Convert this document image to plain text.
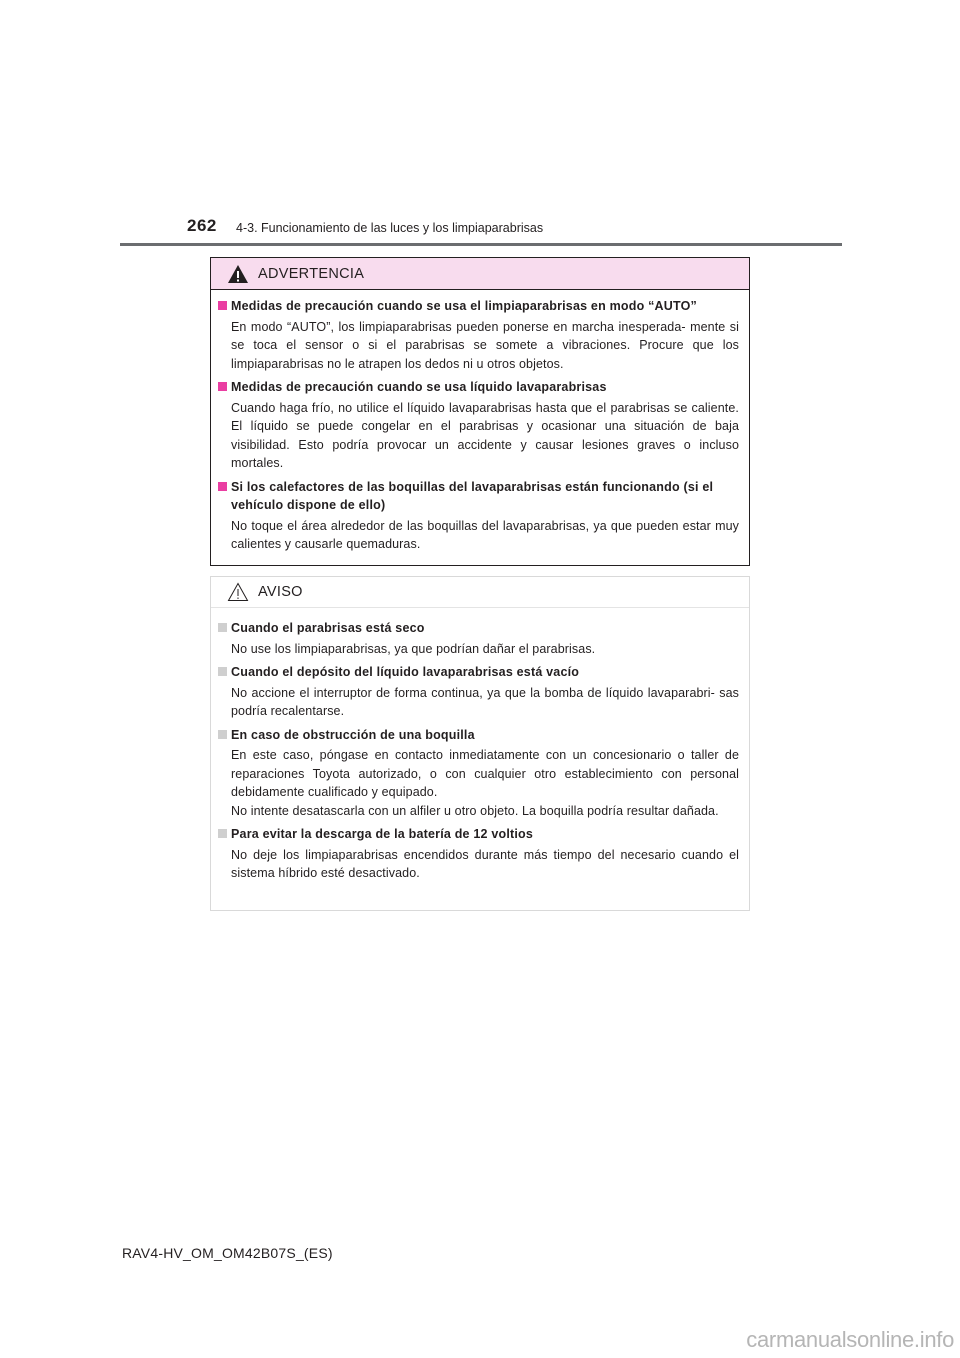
262 4-3. Funcionamiento de las luces y los limpiaparabrisas
ADVERTENCIA
Medidas de precaución cuando se usa el limpiaparabrisas en modo “AUTO”
En modo “AUTO”, los limpiaparabrisas pueden ponerse en marcha inesperada- mente si se toca el sensor o si el parabrisas se somete a vibraciones. Procure que los limpiaparabrisas no le atrapen los dedos ni u otros objetos.
Medidas de precaución cuando se usa líquido lavaparabrisas
Cuando haga frío, no utilice el líquido lavaparabrisas hasta que el parabrisas se caliente. El líquido se puede congelar en el parabrisas y ocasionar una situación de baja visibilidad. Esto podría provocar un accidente y causar lesiones graves o incluso mortales.
Si los calefactores de las boquillas del lavaparabrisas están funcionando (si el vehículo dispone de ello)
No toque el área alrededor de las boquillas del lavaparabrisas, ya que pueden estar muy calientes y causarle quemaduras.
AVISO
Cuando el parabrisas está seco
No use los limpiaparabrisas, ya que podrían dañar el parabrisas.
Cuando el depósito del líquido lavaparabrisas está vacío
No accione el interruptor de forma continua, ya que la bomba de líquido lavaparabri- sas podría recalentarse.
En caso de obstrucción de una boquilla
En este caso, póngase en contacto inmediatamente con un concesionario o taller de reparaciones Toyota autorizado, o con cualquier otro establecimiento con personal debidamente cualificado y equipado.
No intente desatascarla con un alfiler u otro objeto. La boquilla podría resultar dañada.
Para evitar la descarga de la batería de 12 voltios
No deje los limpiaparabrisas encendidos durante más tiempo del necesario cuando el sistema híbrido esté desactivado.
RAV4-HV_OM_OM42B07S_(ES)
carmanualsonline.info
